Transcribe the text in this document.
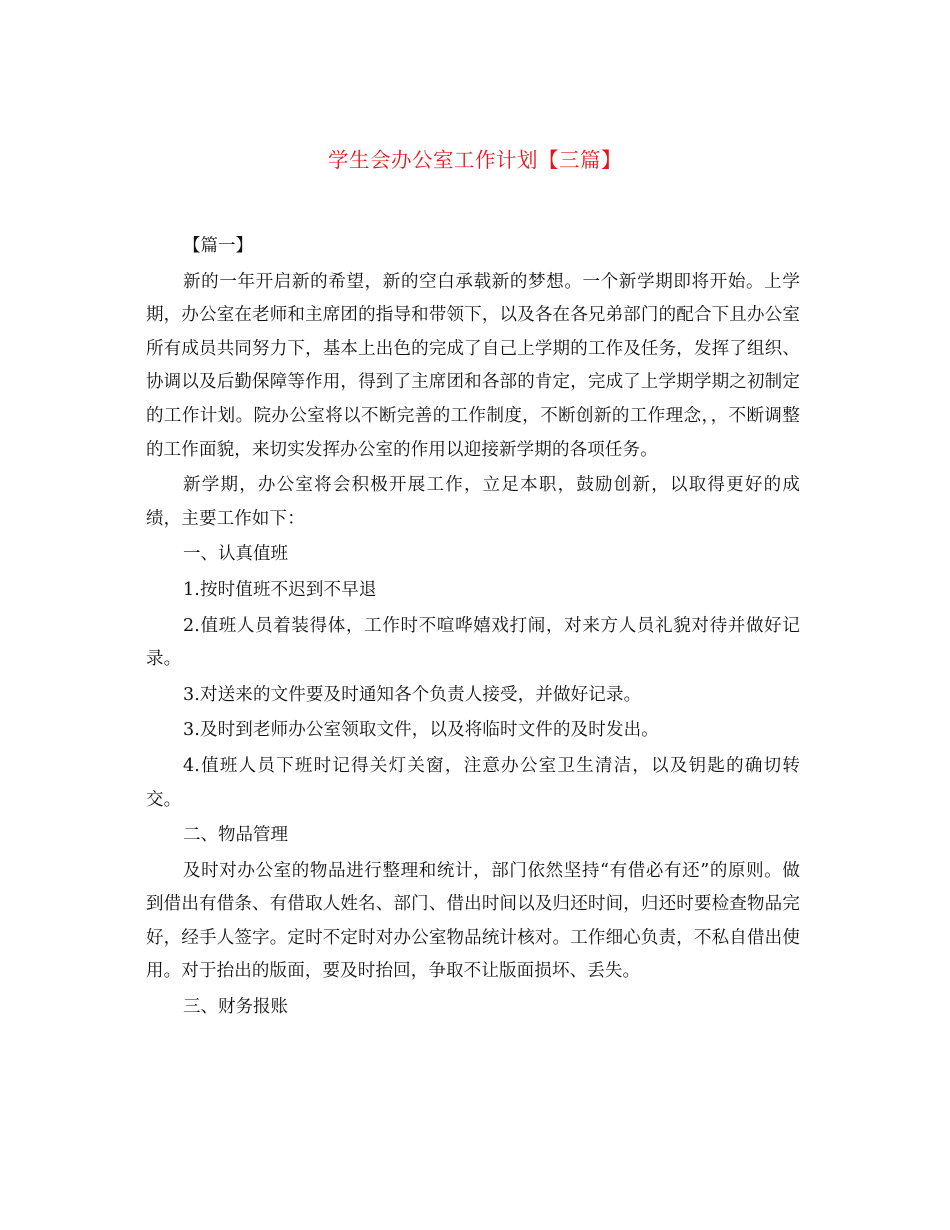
学生会办公室工作计划【三篇】

【篇一】

新的一年开启新的希望，新的空白承载新的梦想。一个新学期即将开始。上学期，办公室在老师和主席团的指导和带领下，以及各在各兄弟部门的配合下且办公室所有成员共同努力下，基本上出色的完成了自己上学期的工作及任务，发挥了组织、协调以及后勤保障等作用，得到了主席团和各部的肯定，完成了上学期学期之初制定的工作计划。院办公室将以不断完善的工作制度，不断创新的工作理念，，不断调整的工作面貌，来切实发挥办公室的作用以迎接新学期的各项任务。

新学期，办公室将会积极开展工作，立足本职，鼓励创新，以取得更好的成绩，主要工作如下：

一、认真值班

1.按时值班不迟到不早退

2.值班人员着装得体，工作时不喧哗嬉戏打闹，对来方人员礼貌对待并做好记录。

3.对送来的文件要及时通知各个负责人接受，并做好记录。

3.及时到老师办公室领取文件，以及将临时文件的及时发出。

4.值班人员下班时记得关灯关窗，注意办公室卫生清洁，以及钥匙的确切转交。

二、物品管理

及时对办公室的物品进行整理和统计，部门依然坚持“有借必有还”的原则。做到借出有借条、有借取人姓名、部门、借出时间以及归还时间，归还时要检查物品完好，经手人签字。定时不定时对办公室物品统计核对。工作细心负责，不私自借出使用。对于抬出的版面，要及时抬回，争取不让版面损坏、丢失。

三、财务报账
